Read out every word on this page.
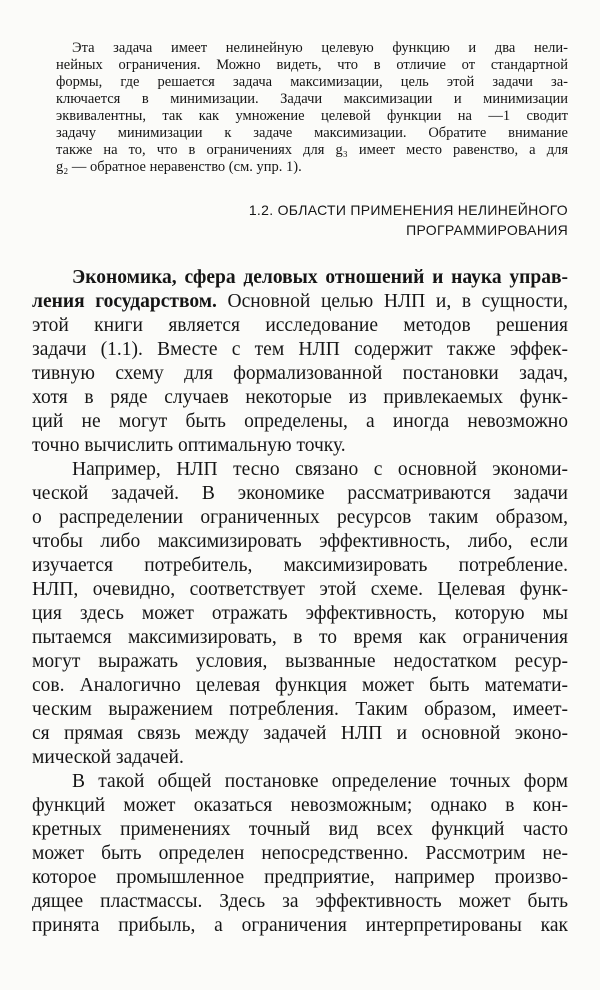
Эта задача имеет нелинейную целевую функцию и два нели-

нейных ограничения. Можно видеть, что в отличие от стандартной

формы, где решается задача максимизации, цель этой задачи за-

ключается в минимизации. Задачи максимизации и минимизации

эквивалентны, так как умножение целевой функции на —1 сводит

задачу минимизации к задаче максимизации. Обратите внимание

также на то, что в ограничениях для g₃ имеет место равенство, а для

g₂ — обратное неравенство (см. упр. 1).

1.2. ОБЛАСТИ ПРИМЕНЕНИЯ НЕЛИНЕЙНОГО
ПРОГРАММИРОВАНИЯ

Экономика, сфера деловых отношений и наука управ-

ления государством. Основной целью НЛП и, в сущности,

этой книги является исследование методов решения

задачи (1.1). Вместе с тем НЛП содержит также эффек-

тивную схему для формализованной постановки задач,

хотя в ряде случаев некоторые из привлекаемых функ-

ций не могут быть определены, а иногда невозможно

точно вычислить оптимальную точку.

Например, НЛП тесно связано с основной экономи-

ческой задачей. В экономике рассматриваются задачи

о распределении ограниченных ресурсов таким образом,

чтобы либо максимизировать эффективность, либо, если

изучается потребитель, максимизировать потребление.

НЛП, очевидно, соответствует этой схеме. Целевая функ-

ция здесь может отражать эффективность, которую мы

пытаемся максимизировать, в то время как ограничения

могут выражать условия, вызванные недостатком ресур-

сов. Аналогично целевая функция может быть математи-

ческим выражением потребления. Таким образом, имеет-

ся прямая связь между задачей НЛП и основной эконо-

мической задачей.

В такой общей постановке определение точных форм

функций может оказаться невозможным; однако в кон-

кретных применениях точный вид всех функций часто

может быть определен непосредственно. Рассмотрим не-

которое промышленное предприятие, например произво-

дящее пластмассы. Здесь за эффективность может быть

принята прибыль, а ограничения интерпретированы как
